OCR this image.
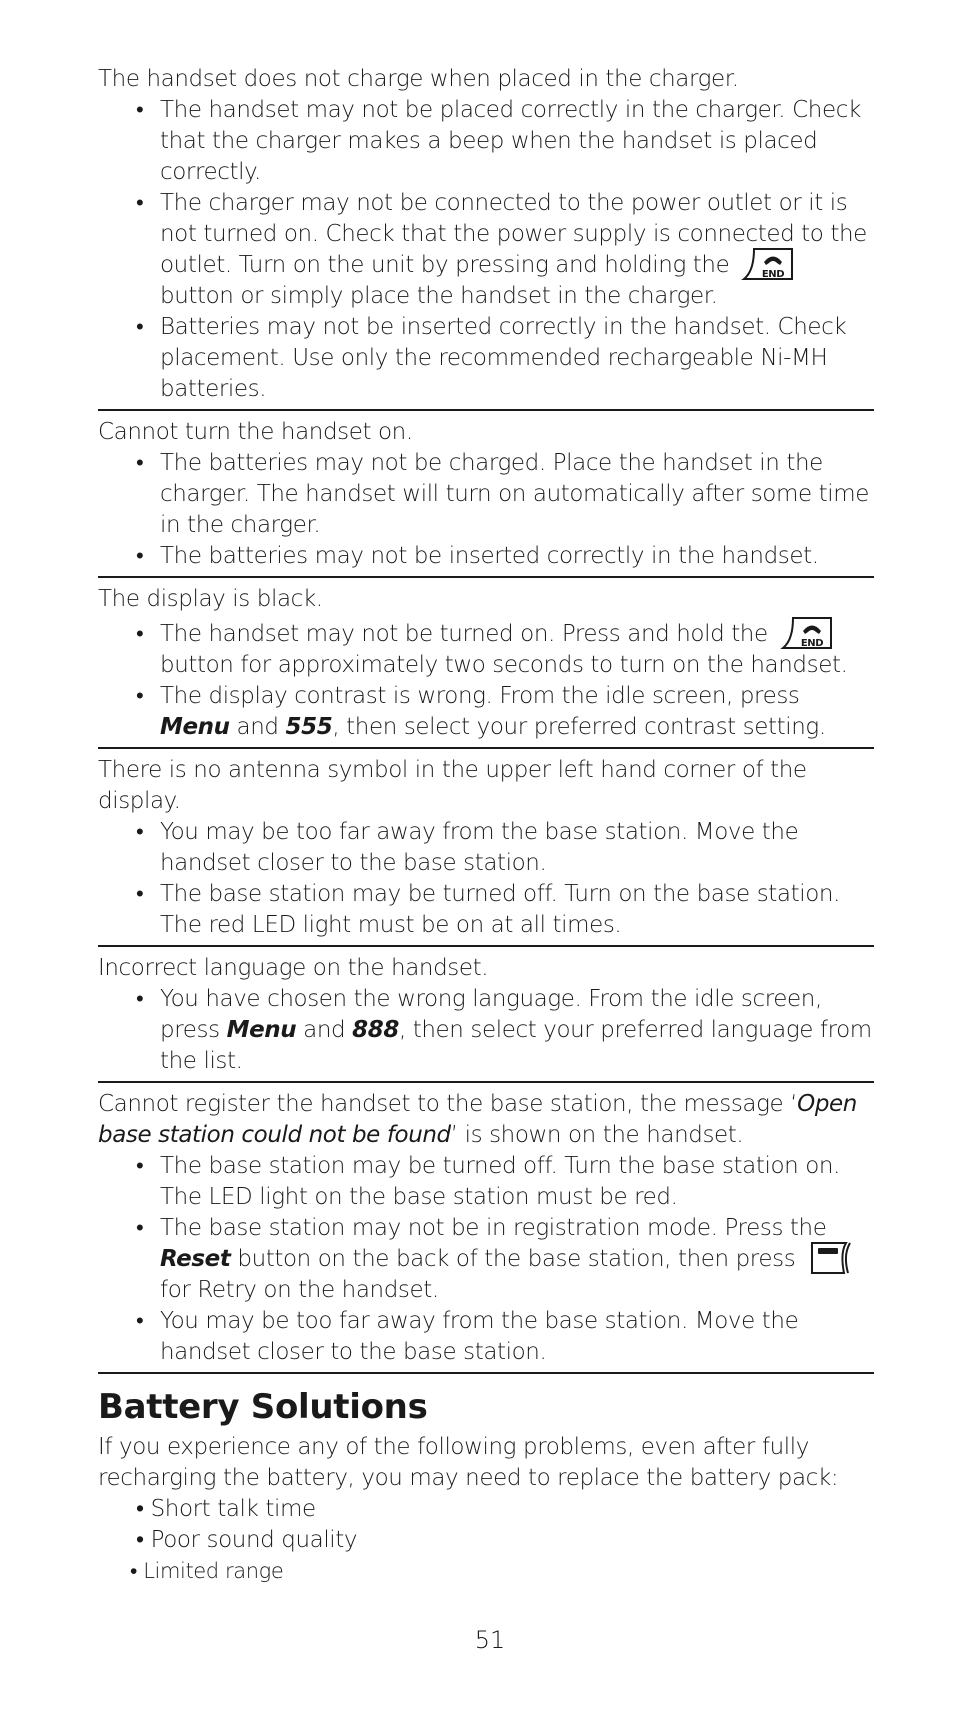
The handset does not charge when placed in the charger.

• The handset may not be placed correctly in the charger. Check that the charger makes a beep when the handset is placed correctly.
• The charger may not be connected to the power outlet or it is not turned on. Check that the power supply is connected to the outlet. Turn on the unit by pressing and holding the	END
button or simply place the handset in the charger.
• Batteries may not be inserted correctly in the handset. Check placement. Use only the recommended rechargeable Ni-MH batteries.

Cannot turn the handset on.

• The batteries may not be charged. Place the handset in the charger. The handset will turn on automatically after some time in the charger.
• The batteries may not be inserted correctly in the handset.

The display is black.

• The handset may not be turned on. Press and hold the	END
button for approximately two seconds to turn on the handset.
• The display contrast is wrong. From the idle screen, press Menu and 555, then select your preferred contrast setting.

There is no antenna symbol in the upper left hand corner of the display.

• You may be too far away from the base station. Move the handset closer to the base station.
• The base station may be turned off. Turn on the base station. The red LED light must be on at all times.

Incorrect language on the handset.

• You have chosen the wrong language. From the idle screen, press Menu and 888, then select your preferred language from the list.

Cannot register the handset to the base station, the message ‘Open base station could not be found’ is shown on the handset.

• The base station may be turned off. Turn the base station on. The LED light on the base station must be red.
• The base station may not be in registration mode. Press the Reset button on the back of the base station, then press  for Retry on the handset.
• You may be too far away from the base station. Move the handset closer to the base station.
Battery Solutions

If you experience any of the following problems, even after fully recharging the battery, you may need to replace the battery pack:

• Short talk time
• Poor sound quality
• Limited range
51
